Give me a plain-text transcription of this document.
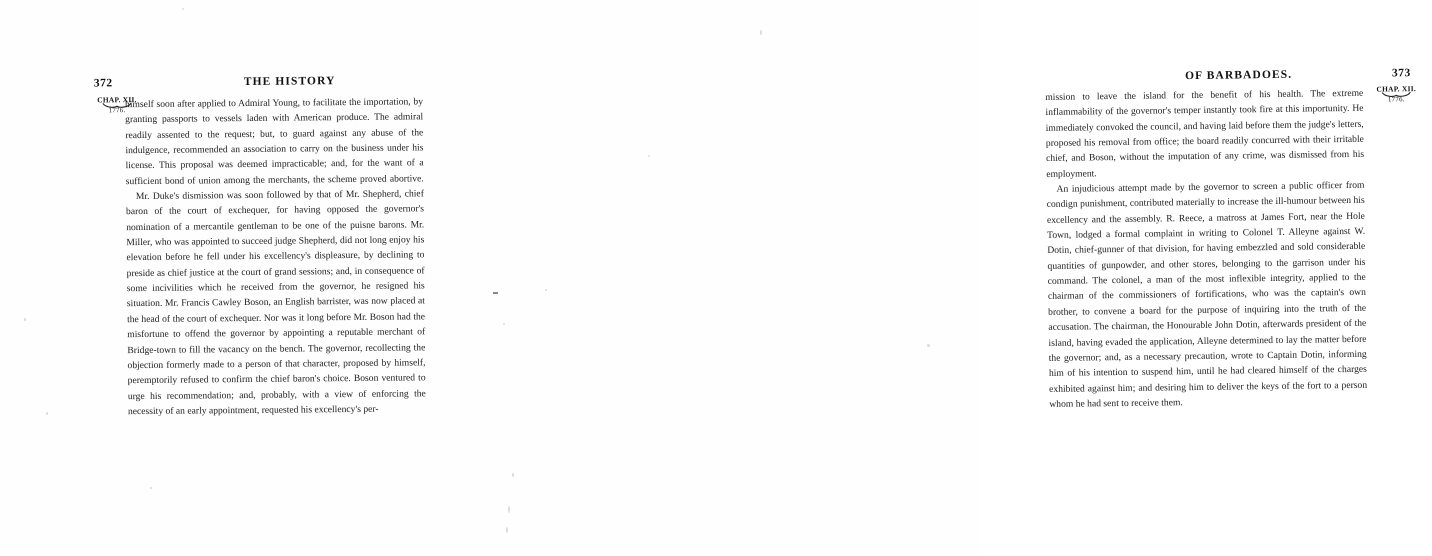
372	THE HISTORY
CHAP. XII.
1776.

himself soon after applied to Admiral Young, to facilitate the importation, by granting passports to vessels laden with American produce. The admiral readily assented to the request; but, to guard against any abuse of the indulgence, recommended an association to carry on the business under his license. This proposal was deemed impracticable; and, for the want of a sufficient bond of union among the merchants, the scheme proved abortive.

Mr. Duke's dismission was soon followed by that of Mr. Shepherd, chief baron of the court of exchequer, for having opposed the governor's nomination of a mercantile gentleman to be one of the puisne barons. Mr. Miller, who was appointed to succeed judge Shepherd, did not long enjoy his elevation before he fell under his excellency's displeasure, by declining to preside as chief justice at the court of grand sessions; and, in consequence of some incivilities which he received from the governor, he resigned his situation. Mr. Francis Cawley Boson, an English barrister, was now placed at the head of the court of exchequer. Nor was it long before Mr. Boson had the misfortune to offend the governor by appointing a reputable merchant of Bridge-town to fill the vacancy on the bench. The governor, recollecting the objection formerly made to a person of that character, proposed by himself, peremptorily refused to confirm the chief baron's choice. Boson ventured to urge his recommendation; and, probably, with a view of enforcing the necessity of an early appointment, requested his excellency's per-

OF BARBADOES.	373
CHAP. XII.
1776.

mission to leave the island for the benefit of his health. The extreme inflammability of the governor's temper instantly took fire at this importunity. He immediately convoked the council, and having laid before them the judge's letters, proposed his removal from office; the board readily concurred with their irritable chief, and Boson, without the imputation of any crime, was dismissed from his employment.

An injudicious attempt made by the governor to screen a public officer from condign punishment, contributed materially to increase the ill-humour between his excellency and the assembly. R. Reece, a matross at James Fort, near the Hole Town, lodged a formal complaint in writing to Colonel T. Alleyne against W. Dotin, chief-gunner of that division, for having embezzled and sold considerable quantities of gunpowder, and other stores, belonging to the garrison under his command. The colonel, a man of the most inflexible integrity, applied to the chairman of the commissioners of fortifications, who was the captain's own brother, to convene a board for the purpose of inquiring into the truth of the accusation. The chairman, the Honourable John Dotin, afterwards president of the island, having evaded the application, Alleyne determined to lay the matter before the governor; and, as a necessary precaution, wrote to Captain Dotin, informing him of his intention to suspend him, until he had cleared himself of the charges exhibited against him; and desiring him to deliver the keys of the fort to a person whom he had sent to receive them.
